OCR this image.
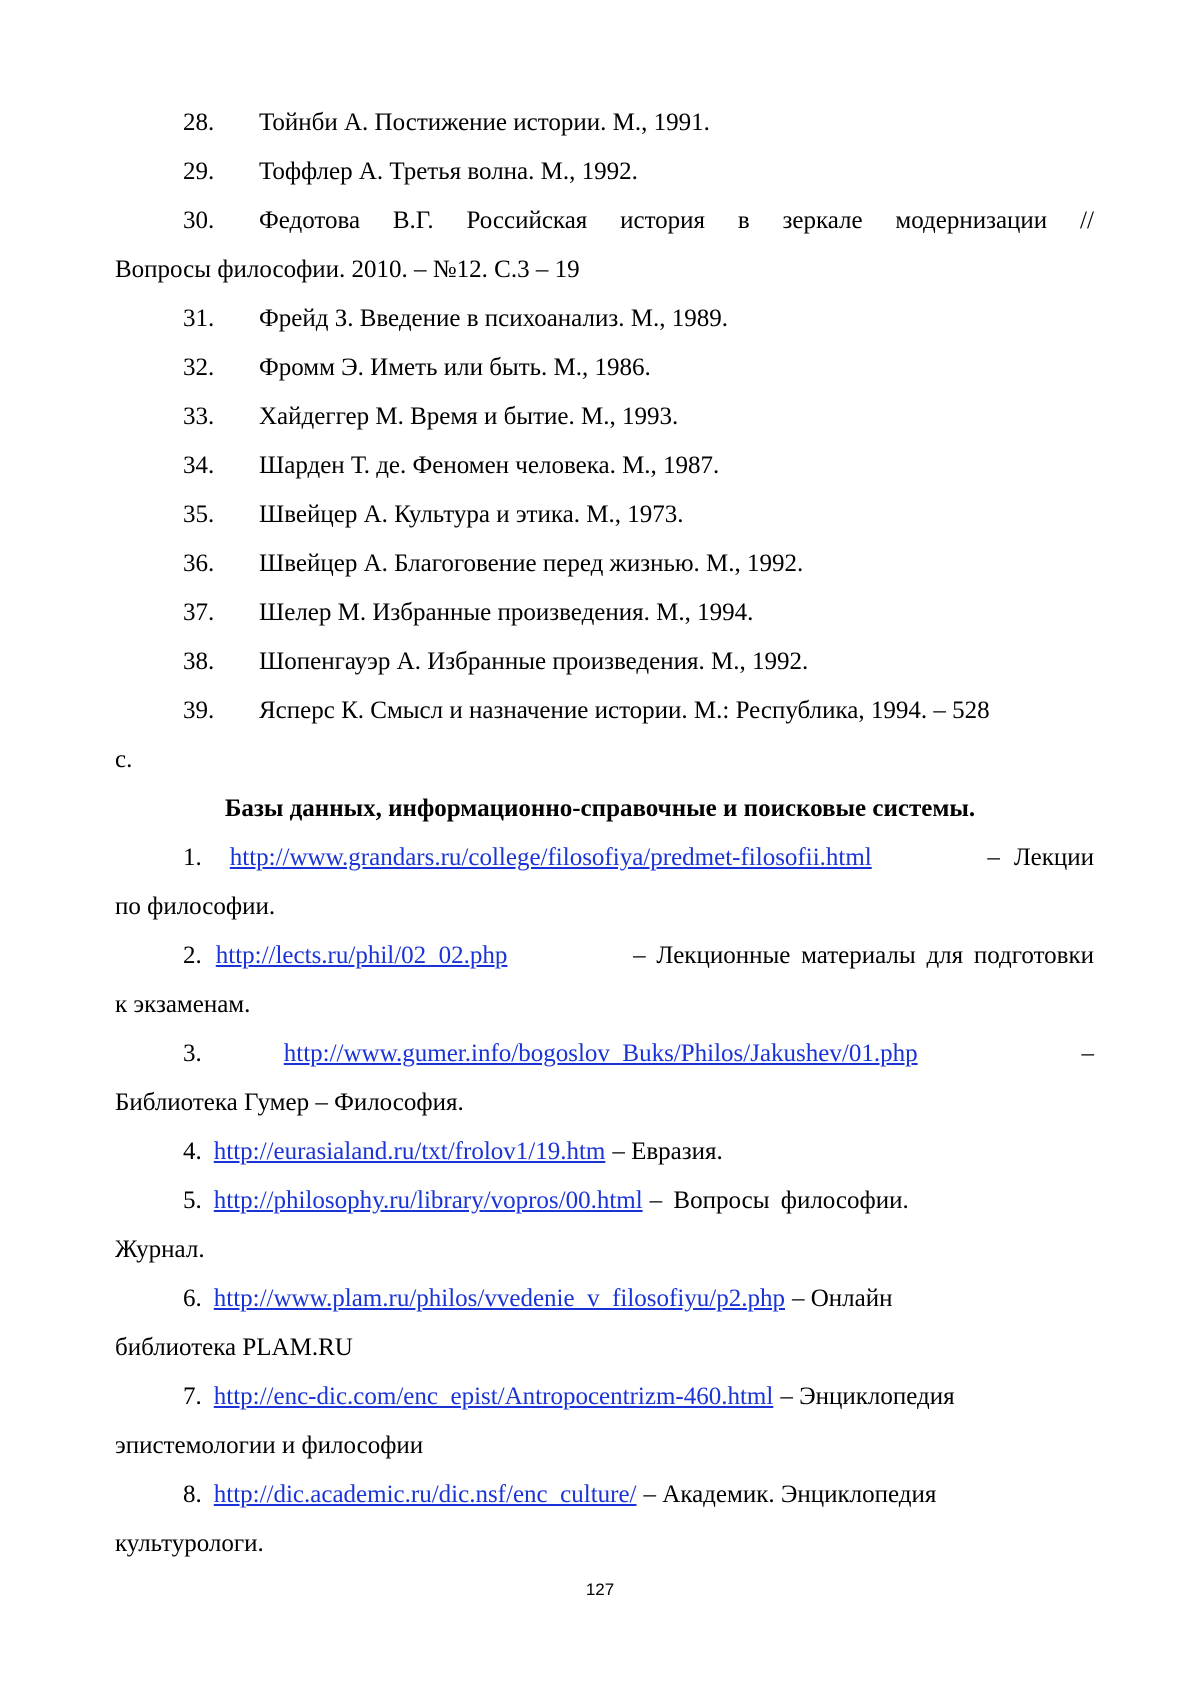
28. Тойнби А. Постижение истории. М., 1991.
29. Тоффлер А. Третья волна. М., 1992.
30. Федотова В.Г. Российская история в зеркале модернизации //
Вопросы философии. 2010. – №12. С.3 – 19
31. Фрейд З. Введение в психоанализ. М., 1989.
32. Фромм Э. Иметь или быть. М., 1986.
33. Хайдеггер М. Время и бытие. М., 1993.
34. Шарден Т. де. Феномен человека. М., 1987.
35. Швейцер А. Культура и этика. М., 1973.
36. Швейцер А. Благоговение перед жизнью. М., 1992.
37. Шелер М. Избранные произведения. М., 1994.
38. Шопенгауэр А. Избранные произведения. М., 1992.
39. Ясперс К. Смысл и назначение истории. М.: Республика, 1994. – 528
с.
Базы данных, информационно-справочные и поисковые системы.
1. http://www.grandars.ru/college/filosofiya/predmet-filosofii.html	– Лекции
по философии.
2. http://lects.ru/phil/02_02.php	– Лекционные материалы для подготовки
к экзаменам.
3.	http://www.gumer.info/bogoslov_Buks/Philos/Jakushev/01.php	–
Библиотека Гумер – Философия.
4. http://eurasialand.ru/txt/frolov1/19.htm – Евразия.
5. http://philosophy.ru/library/vopros/00.html – Вопросы философии.
Журнал.
6. http://www.plam.ru/philos/vvedenie_v_filosofiyu/p2.php – Онлайн
библиотека PLAM.RU
7. http://enc-dic.com/enc_epist/Antropocentrizm-460.html – Энциклопедия
эпистемологии и философии
8. http://dic.academic.ru/dic.nsf/enc_culture/ – Академик. Энциклопедия
культурологи.
127
